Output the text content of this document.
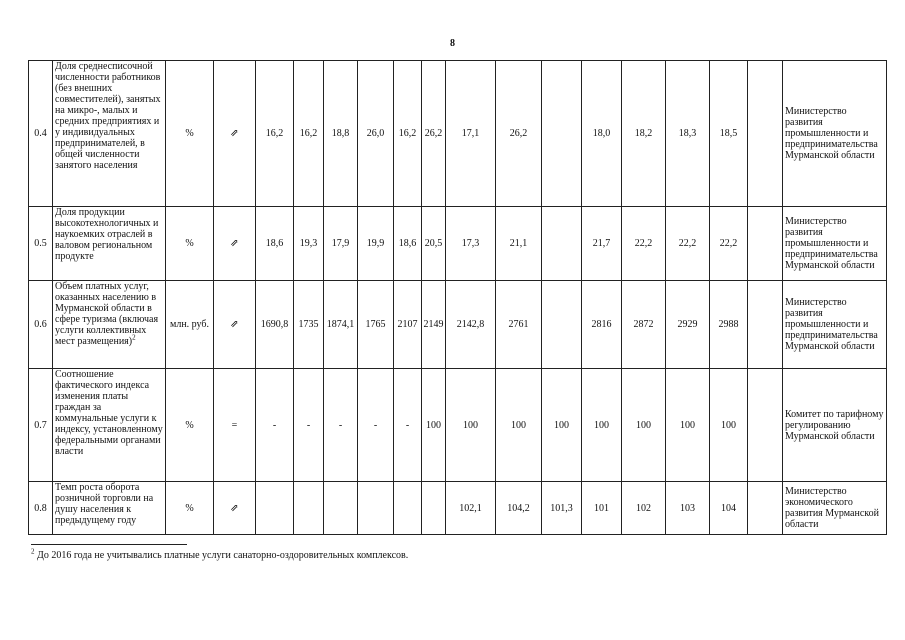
8
0.4	Доля среднесписочной численности работников (без внешних совместителей), занятых на микро-, малых и средних предприятиях и у индивидуальных предпринимателей, в общей численности занятого населения	%	⇗	16,2	16,2	18,8	26,0	16,2	26,2	17,1	26,2		18,0	18,2	18,3	18,5		Министерство развития промышленности и предпринимательства Мурманской области
0.5	Доля продукции высокотехнологичных и наукоемких отраслей в валовом региональном продукте	%	⇗	18,6	19,3	17,9	19,9	18,6	20,5	17,3	21,1		21,7	22,2	22,2	22,2		Министерство развития промышленности и предпринимательства Мурманской области
0.6	Объем платных услуг, оказанных населению в Мурманской области в сфере туризма (включая услуги коллективных мест размещения)$^2$	млн. руб.	⇗	1690,8	1735	1874,1	1765	2107	2149	2142,8	2761		2816	2872	2929	2988		Министерство развития промышленности и предпринимательства Мурманской области
0.7	Соотношение фактического индекса изменения платы граждан за коммунальные услуги к индексу, установленному федеральными органами власти	%	=	-	-	-	-	-	100	100	100	100	100	100	100	100		Комитет по тарифному регулированию Мурманской области
0.8	Темп роста оборота розничной торговли на душу населения к предыдущему году	%	⇗							102,1	104,2	101,3	101	102	103	104		Министерство экономического развития Мурманской области
$^2$ До 2016 года не учитывались платные услуги санаторно-оздоровительных комплексов.
